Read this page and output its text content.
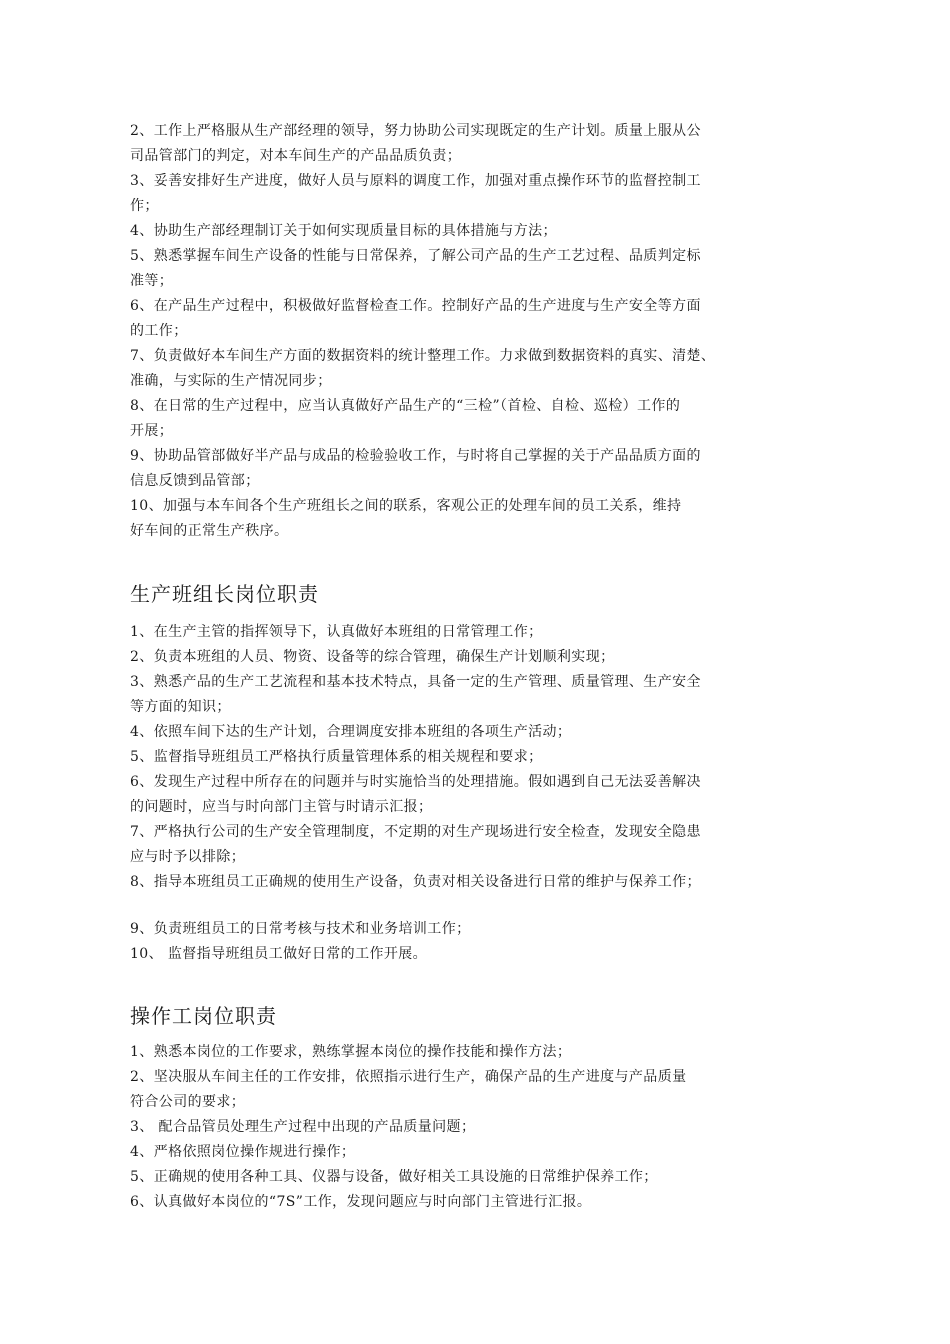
2、工作上严格服从生产部经理的领导，努力协助公司实现既定的生产计划。质量上服从公
司品管部门的判定，对本车间生产的产品品质负责；
3、妥善安排好生产进度，做好人员与原料的调度工作，加强对重点操作环节的监督控制工
作；
4、协助生产部经理制订关于如何实现质量目标的具体措施与方法；
5、熟悉掌握车间生产设备的性能与日常保养，了解公司产品的生产工艺过程、品质判定标
准等；
6、在产品生产过程中，积极做好监督检查工作。控制好产品的生产进度与生产安全等方面
的工作；
7、负责做好本车间生产方面的数据资料的统计整理工作。力求做到数据资料的真实、清楚、
准确，与实际的生产情况同步；
8、在日常的生产过程中，应当认真做好产品生产的“三检”（首检、自检、巡检）工作的
开展；
9、协助品管部做好半产品与成品的检验验收工作，与时将自己掌握的关于产品品质方面的
信息反馈到品管部；
10、加强与本车间各个生产班组长之间的联系，客观公正的处理车间的员工关系，维持
好车间的正常生产秩序。
生产班组长岗位职责
1、在生产主管的指挥领导下，认真做好本班组的日常管理工作；
2、负责本班组的人员、物资、设备等的综合管理，确保生产计划顺利实现；
3、熟悉产品的生产工艺流程和基本技术特点，具备一定的生产管理、质量管理、生产安全
等方面的知识；
4、依照车间下达的生产计划，合理调度安排本班组的各项生产活动；
5、监督指导班组员工严格执行质量管理体系的相关规程和要求；
6、发现生产过程中所存在的问题并与时实施恰当的处理措施。假如遇到自己无法妥善解决
的问题时，应当与时向部门主管与时请示汇报；
7、严格执行公司的生产安全管理制度，不定期的对生产现场进行安全检查，发现安全隐患
应与时予以排除；
8、指导本班组员工正确规的使用生产设备，负责对相关设备进行日常的维护与保养工作；
9、负责班组员工的日常考核与技术和业务培训工作；
10、 监督指导班组员工做好日常的工作开展。
操作工岗位职责
1、熟悉本岗位的工作要求，熟练掌握本岗位的操作技能和操作方法；
2、坚决服从车间主任的工作安排，依照指示进行生产，确保产品的生产进度与产品质量
符合公司的要求；
3、 配合品管员处理生产过程中出现的产品质量问题；
4、严格依照岗位操作规进行操作；
5、正确规的使用各种工具、仪器与设备，做好相关工具设施的日常维护保养工作；
6、认真做好本岗位的“7S”工作，发现问题应与时向部门主管进行汇报。
